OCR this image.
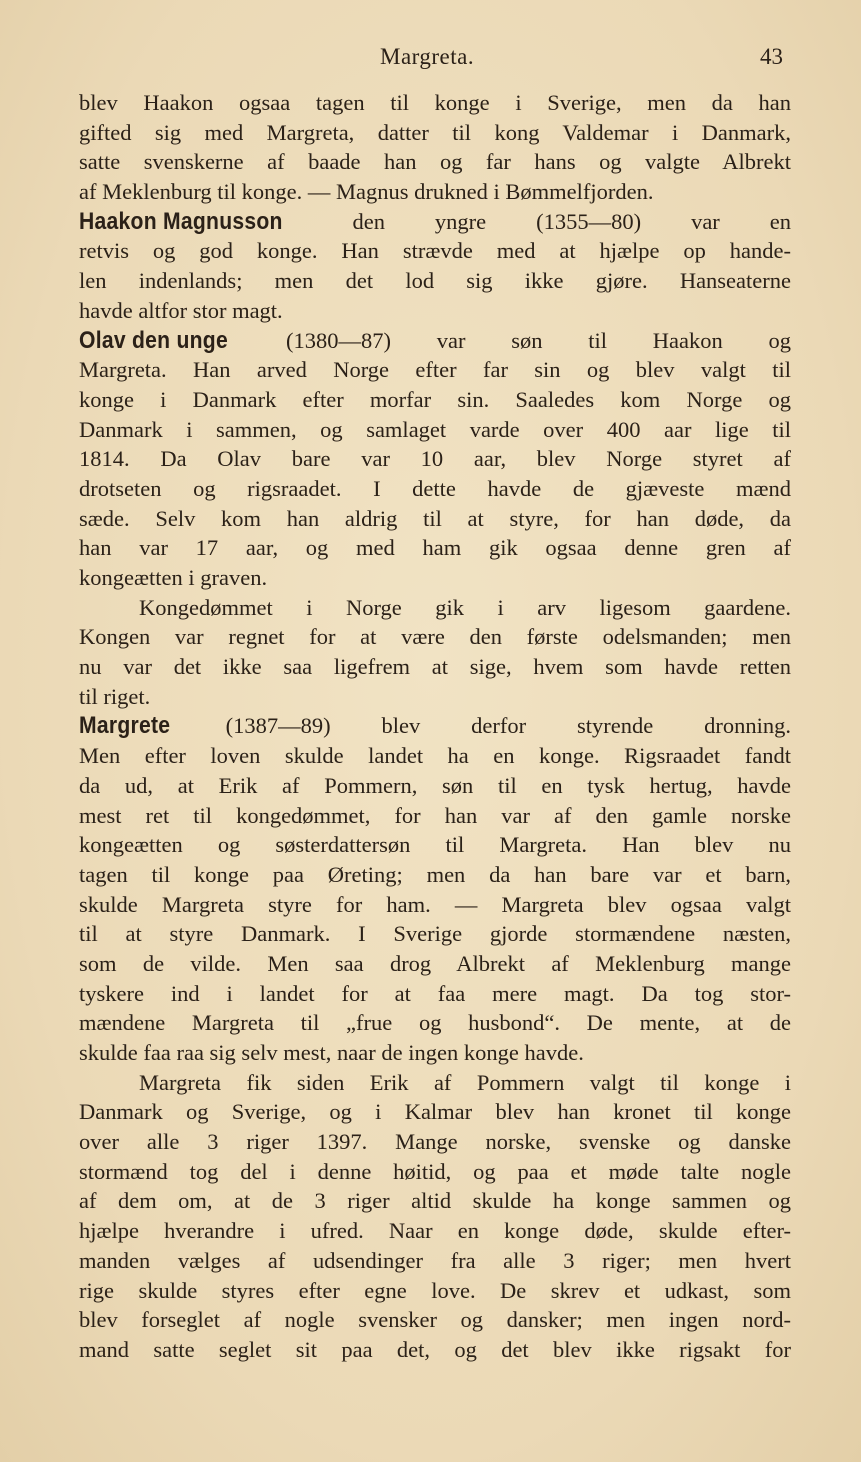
Margreta.	43
blev Haakon ogsaa tagen til konge i Sverige, men da han
gifted sig med Margreta, datter til kong Valdemar i Danmark,
satte svenskerne af baade han og far hans og valgte Albrekt
af Meklenburg til konge. — Magnus drukned i Bømmelfjorden.
Haakon Magnusson den yngre (1355—80) var en
retvis og god konge. Han strævde med at hjælpe op hande-
len indenlands; men det lod sig ikke gjøre. Hanseaterne
havde altfor stor magt.
Olav den unge (1380—87) var søn til Haakon og
Margreta. Han arved Norge efter far sin og blev valgt til
konge i Danmark efter morfar sin. Saaledes kom Norge og
Danmark i sammen, og samlaget varde over 400 aar lige til
1814. Da Olav bare var 10 aar, blev Norge styret af
drotseten og rigsraadet. I dette havde de gjæveste mænd
sæde. Selv kom han aldrig til at styre, for han døde, da
han var 17 aar, og med ham gik ogsaa denne gren af
kongeætten i graven.
Kongedømmet i Norge gik i arv ligesom gaardene.
Kongen var regnet for at være den første odelsmanden; men
nu var det ikke saa ligefrem at sige, hvem som havde retten
til riget.
Margrete (1387—89) blev derfor styrende dronning.
Men efter loven skulde landet ha en konge. Rigsraadet fandt
da ud, at Erik af Pommern, søn til en tysk hertug, havde
mest ret til kongedømmet, for han var af den gamle norske
kongeætten og søsterdattersøn til Margreta. Han blev nu
tagen til konge paa Øreting; men da han bare var et barn,
skulde Margreta styre for ham. — Margreta blev ogsaa valgt
til at styre Danmark. I Sverige gjorde stormændene næsten,
som de vilde. Men saa drog Albrekt af Meklenburg mange
tyskere ind i landet for at faa mere magt. Da tog stor-
mændene Margreta til „frue og husbond“. De mente, at de
skulde faa raa sig selv mest, naar de ingen konge havde.
Margreta fik siden Erik af Pommern valgt til konge i
Danmark og Sverige, og i Kalmar blev han kronet til konge
over alle 3 riger 1397. Mange norske, svenske og danske
stormænd tog del i denne høitid, og paa et møde talte nogle
af dem om, at de 3 riger altid skulde ha konge sammen og
hjælpe hverandre i ufred. Naar en konge døde, skulde efter-
manden vælges af udsendinger fra alle 3 riger; men hvert
rige skulde styres efter egne love. De skrev et udkast, som
blev forseglet af nogle svensker og dansker; men ingen nord-
mand satte seglet sit paa det, og det blev ikke rigsakt for
